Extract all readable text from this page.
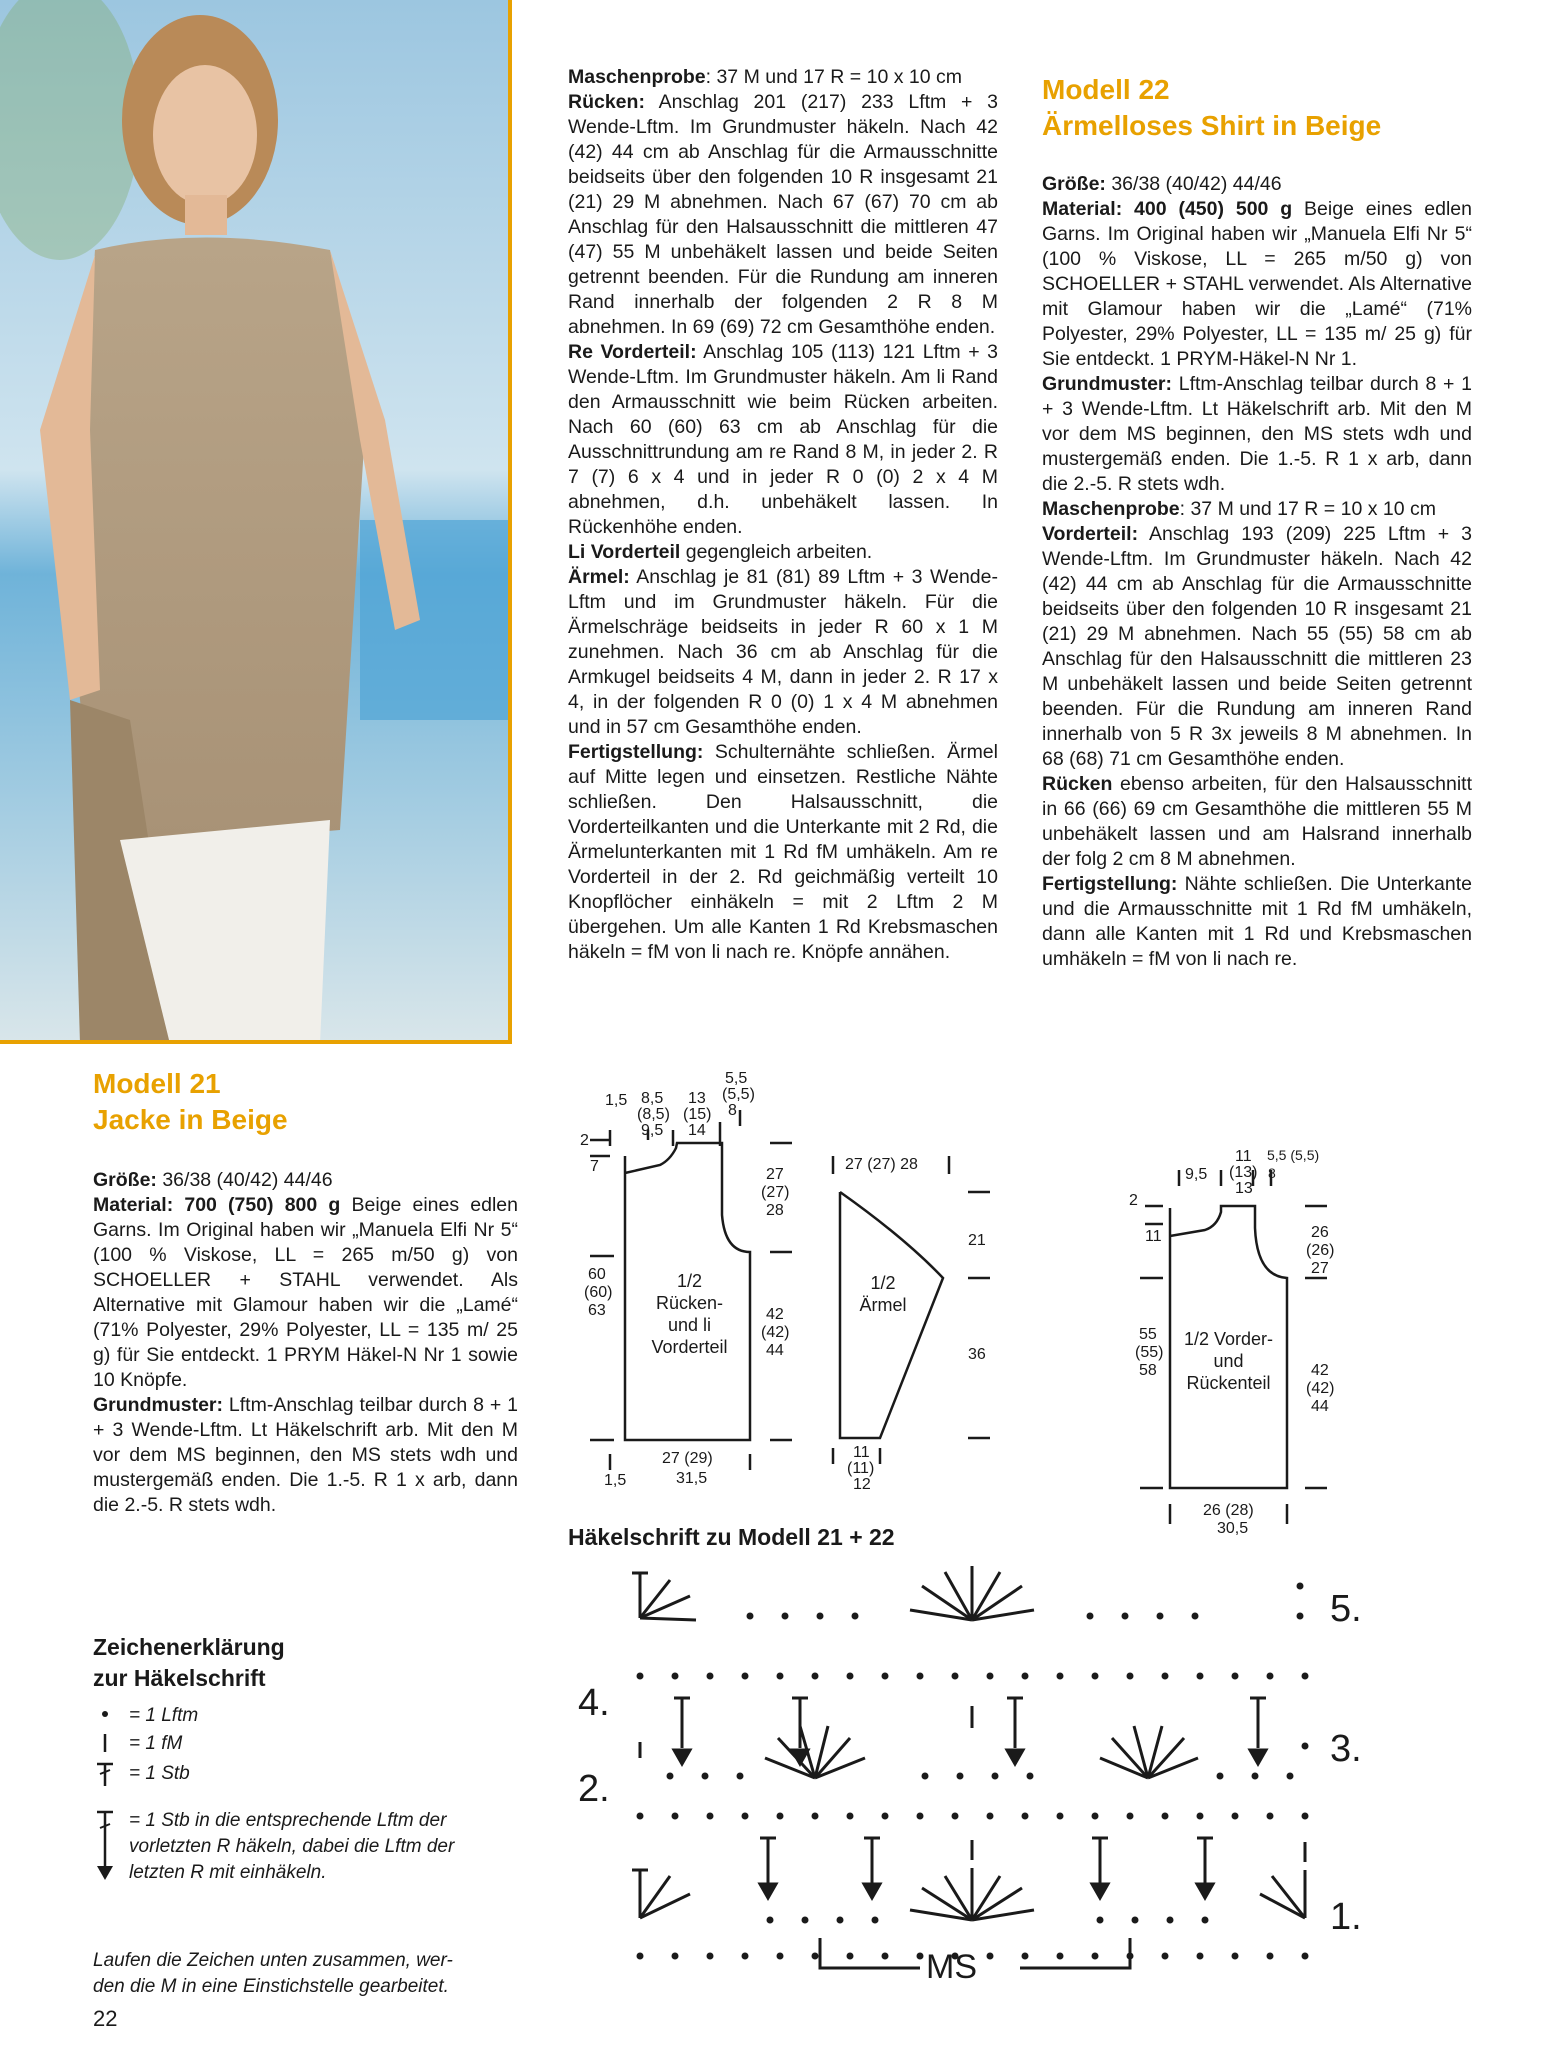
Maschenprobe: 37 M und 17 R = 10 x 10 cm

Rücken: Anschlag 201 (217) 233 Lftm + 3 Wende-Lftm. Im Grundmuster häkeln. Nach 42 (42) 44 cm ab Anschlag für die Armausschnitte beidseits über den folgenden 10 R insgesamt 21 (21) 29 M abnehmen. Nach 67 (67) 70 cm ab Anschlag für den Halsausschnitt die mittleren 47 (47) 55 M unbehäkelt lassen und beide Seiten getrennt beenden. Für die Rundung am inneren Rand innerhalb der folgenden 2 R 8 M abnehmen. In 69 (69) 72 cm Gesamthöhe enden.

Re Vorderteil: Anschlag 105 (113) 121 Lftm + 3 Wende-Lftm. Im Grundmuster häkeln. Am li Rand den Armausschnitt wie beim Rücken arbeiten. Nach 60 (60) 63 cm ab Anschlag für die Ausschnittrundung am re Rand 8 M, in jeder 2. R 7 (7) 6 x 4 und in jeder R 0 (0) 2 x 4 M abnehmen, d.h. unbehäkelt lassen. In Rückenhöhe enden.

Li Vorderteil gegengleich arbeiten.

Ärmel: Anschlag je 81 (81) 89 Lftm + 3 Wende-Lftm und im Grundmuster häkeln. Für die Ärmelschräge beidseits in jeder R 60 x 1 M zunehmen. Nach 36 cm ab Anschlag für die Armkugel beidseits 4 M, dann in jeder 2. R 17 x 4, in der folgenden R 0 (0) 1 x 4 M abnehmen und in 57 cm Gesamthöhe enden.

Fertigstellung: Schulternähte schließen. Ärmel auf Mitte legen und einsetzen. Restliche Nähte schließen. Den Halsausschnitt, die Vorderteilkanten und die Unterkante mit 2 Rd, die Ärmelunterkanten mit 1 Rd fM umhäkeln. Am re Vorderteil in der 2. Rd geichmäßig verteilt 10 Knopflöcher einhäkeln = mit 2 Lftm 2 M übergehen. Um alle Kanten 1 Rd Krebsmaschen häkeln = fM von li nach re. Knöpfe annähen.

Modell 22
Ärmelloses Shirt in Beige

Größe: 36/38 (40/42) 44/46

Material: 400 (450) 500 g Beige eines edlen Garns. Im Original haben wir „Manuela Elfi Nr 5“ (100 % Viskose, LL = 265 m/50 g) von SCHOELLER + STAHL verwendet. Als Alternative mit Glamour haben wir die „Lamé“ (71% Polyester, 29% Polyester, LL = 135 m/ 25 g) für Sie entdeckt. 1 PRYM-Häkel-N Nr 1.

Grundmuster: Lftm-Anschlag teilbar durch 8 + 1 + 3 Wende-Lftm. Lt Häkelschrift arb. Mit den M vor dem MS beginnen, den MS stets wdh und mustergemäß enden. Die 1.-5. R 1 x arb, dann die 2.-5. R stets wdh.

Maschenprobe: 37 M und 17 R = 10 x 10 cm

Vorderteil: Anschlag 193 (209) 225 Lftm + 3 Wende-Lftm. Im Grundmuster häkeln. Nach 42 (42) 44 cm ab Anschlag für die Armausschnitte beidseits über den folgenden 10 R insgesamt 21 (21) 29 M abnehmen. Nach 55 (55) 58 cm ab Anschlag für den Halsausschnitt die mittleren 23 M unbehäkelt lassen und beide Seiten getrennt beenden. Für die Rundung am inneren Rand innerhalb von 5 R 3x jeweils 8 M abnehmen. In 68 (68) 71 cm Gesamthöhe enden.

Rücken ebenso arbeiten, für den Halsausschnitt in 66 (66) 69 cm Gesamthöhe die mittleren 55 M unbehäkelt lassen und am Halsrand innerhalb der folg 2 cm 8 M abnehmen.

Fertigstellung: Nähte schließen. Die Unterkante und die Armausschnitte mit 1 Rd fM umhäkeln, dann alle Kanten mit 1 Rd und Krebsmaschen umhäkeln = fM von li nach re.

Modell 21
Jacke in Beige

Größe: 36/38 (40/42) 44/46

Material: 700 (750) 800 g Beige eines edlen Garns. Im Original haben wir „Manuela Elfi Nr 5“ (100 % Viskose, LL = 265 m/50 g) von SCHOELLER + STAHL verwendet. Als Alternative mit Glamour haben wir die „Lamé“ (71% Polyester, 29% Polyester, LL = 135 m/ 25 g) für Sie entdeckt. 1 PRYM Häkel-N Nr 1 sowie 10 Knöpfe.

Grundmuster: Lftm-Anschlag teilbar durch 8 + 1 + 3 Wende-Lftm. Lt Häkelschrift arb. Mit den M vor dem MS beginnen, den MS stets wdh und mustergemäß enden. Die 1.-5. R 1 x arb, dann die 2.-5. R stets wdh.

Zeichenerklärung
zur Häkelschrift
= 1 Lftm
= 1 fM
= 1 Stb
= 1 Stb in die entsprechende Lftm der
vorletzten R häkeln, dabei die Lftm der
letzten R mit einhäkeln.
Laufen die Zeichen unten zusammen, wer-
den die M in eine Einstichstelle gearbeitet.
1,5 8,5
(8,5)
9,5
13
(15)
14
5,5
(5,5)
8
2
7	27
(27)
28
60
(60)
63
1/2
Rücken-
und li
Vorderteil
42
(42)
44
27 (29)
31,5
1,5
27 (27) 28
21
36
1/2
Ärmel
11
(11)
12
9,5
11
(13)
13
5,5 (5,5)
8
2
11	26
(26)
27
55
(55)
58
1/2 Vorder-
und
Rückenteil
42
(42)
44
26 (28)
30,5
Häkelschrift zu Modell 21 + 22
5.
4.
3.
2.
1.
MS
22
